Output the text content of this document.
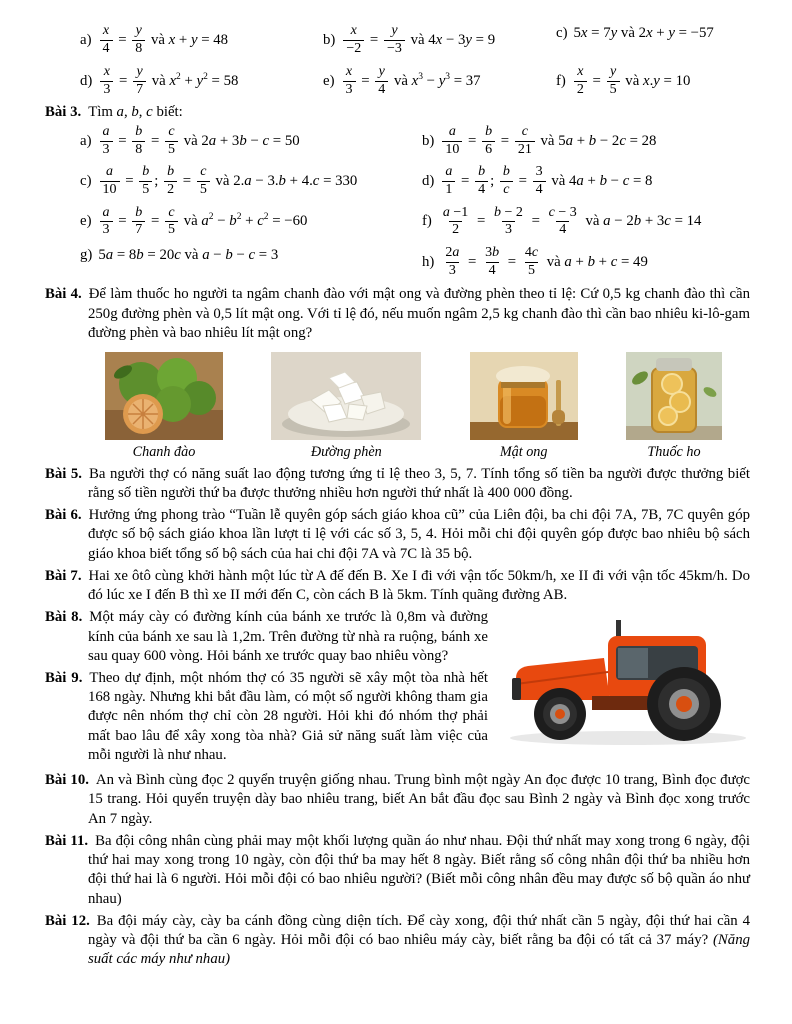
$a) \frac{x}{4} = \frac{y}{8}$ và x + y = 48	$b) \frac{x}{-2} = \frac{y}{-3}$ và 4x − 3y = 9	c) 5x = 7y và 2x + y = −57
$d) \frac{x}{3} = \frac{y}{7}$ và $x^2 + y^2 = 58$	$e) \frac{x}{3} = \frac{y}{4}$ và $x^3 - y^3 = 37$	$f) \frac{x}{2} = \frac{y}{5}$ và x.y = 10

Bài 3. Tìm a, b, c biết:

$a) \frac{a}{3} = \frac{b}{8} = \frac{c}{5}$ và 2a + 3b − c = 50	$b) \frac{a}{10} = \frac{b}{6} = \frac{c}{21}$ và 5a + b − 2c = 28
$c) \frac{a}{10} = \frac{b}{5}$ ; $\frac{b}{2} = \frac{c}{5}$ và 2.a − 3.b + 4.c = 330	$d) \frac{a}{1} = \frac{b}{4}$ ; $\frac{b}{c} = \frac{3}{4}$ và 4a + b − c = 8
$e) \frac{a}{3} = \frac{b}{7} = \frac{c}{5}$ và $a^2 - b^2 + c^2 = -60$	$f) \frac{a -1}{2} = \frac{b - 2}{3} = \frac{c - 3}{4}$ và a − 2b + 3c = 14
g) 5a = 8b = 20c và a − b − c = 3	$h) \frac{2a}{3} = \frac{3b}{4} = \frac{4c}{5}$ và a + b + c = 49

Bài 4. Để làm thuốc ho người ta ngâm chanh đào với mật ong và đường phèn theo tỉ lệ: Cứ 0,5 kg chanh đào thì cần 250g đường phèn và 0,5 lít mật ong. Với tỉ lệ đó, nếu muốn ngâm 2,5 kg chanh đào thì cần bao nhiêu ki-lô-gam đường phèn và bao nhiêu lít mật ong?

Chanh đào	Đường phèn	Mật ong	Thuốc ho

Bài 5. Ba người thợ có năng suất lao động tương ứng tỉ lệ theo 3, 5, 7. Tính tổng số tiền ba người được thưởng biết rằng số tiền người thứ ba được thưởng nhiều hơn người thứ nhất là 400 000 đồng.

Bài 6. Hưởng ứng phong trào “Tuần lễ quyên góp sách giáo khoa cũ” của Liên đội, ba chi đội 7A, 7B, 7C quyên góp được số bộ sách giáo khoa lần lượt tỉ lệ với các số 3, 5, 4. Hỏi mỗi chi đội quyên góp được bao nhiêu bộ sách giáo khoa biết tổng số bộ sách của hai chi đội 7A và 7C là 35 bộ.

Bài 7. Hai xe ôtô cùng khởi hành một lúc từ A đế đến B. Xe I đi với vận tốc 50km/h, xe II đi với vận tốc 45km/h. Do đó lúc xe I đến B thì xe II mới đến C, còn cách B là 5km. Tính quãng đường AB.

Bài 8. Một máy cày có đường kính của bánh xe trước là 0,8m và đường kính của bánh xe sau là 1,2m. Trên đường từ nhà ra ruộng, bánh xe sau quay 600 vòng. Hỏi bánh xe trước quay bao nhiêu vòng?

Bài 9. Theo dự định, một nhóm thợ có 35 người sẽ xây một tòa nhà hết 168 ngày. Nhưng khi bắt đầu làm, có một số người không tham gia được nên nhóm thợ chỉ còn 28 người. Hỏi khi đó nhóm thợ phải mất bao lâu để xây xong tòa nhà? Giả sử năng suất làm việc của mỗi người là như nhau.

Bài 10. An và Bình cùng đọc 2 quyển truyện giống nhau. Trung bình một ngày An đọc được 10 trang, Bình đọc được 15 trang. Hỏi quyển truyện dày bao nhiêu trang, biết An bắt đầu đọc sau Bình 2 ngày và Bình đọc xong trước An 7 ngày.

Bài 11. Ba đội công nhân cùng phải may một khối lượng quần áo như nhau. Đội thứ nhất may xong trong 6 ngày, đội thứ hai may xong trong 10 ngày, còn đội thứ ba may hết 8 ngày. Biết rằng số công nhân đội thứ ba nhiều hơn đội thứ hai là 6 người. Hỏi mỗi đội có bao nhiêu người? (Biết mỗi công nhân đều may được số bộ quần áo như nhau)

Bài 12. Ba đội máy cày, cày ba cánh đồng cùng diện tích. Để cày xong, đội thứ nhất cần 5 ngày, đội thứ hai cần 4 ngày và đội thứ ba cần 6 ngày. Hỏi mỗi đội có bao nhiêu máy cày, biết rằng ba đội có tất cả 37 máy? (Năng suất các máy như nhau)
